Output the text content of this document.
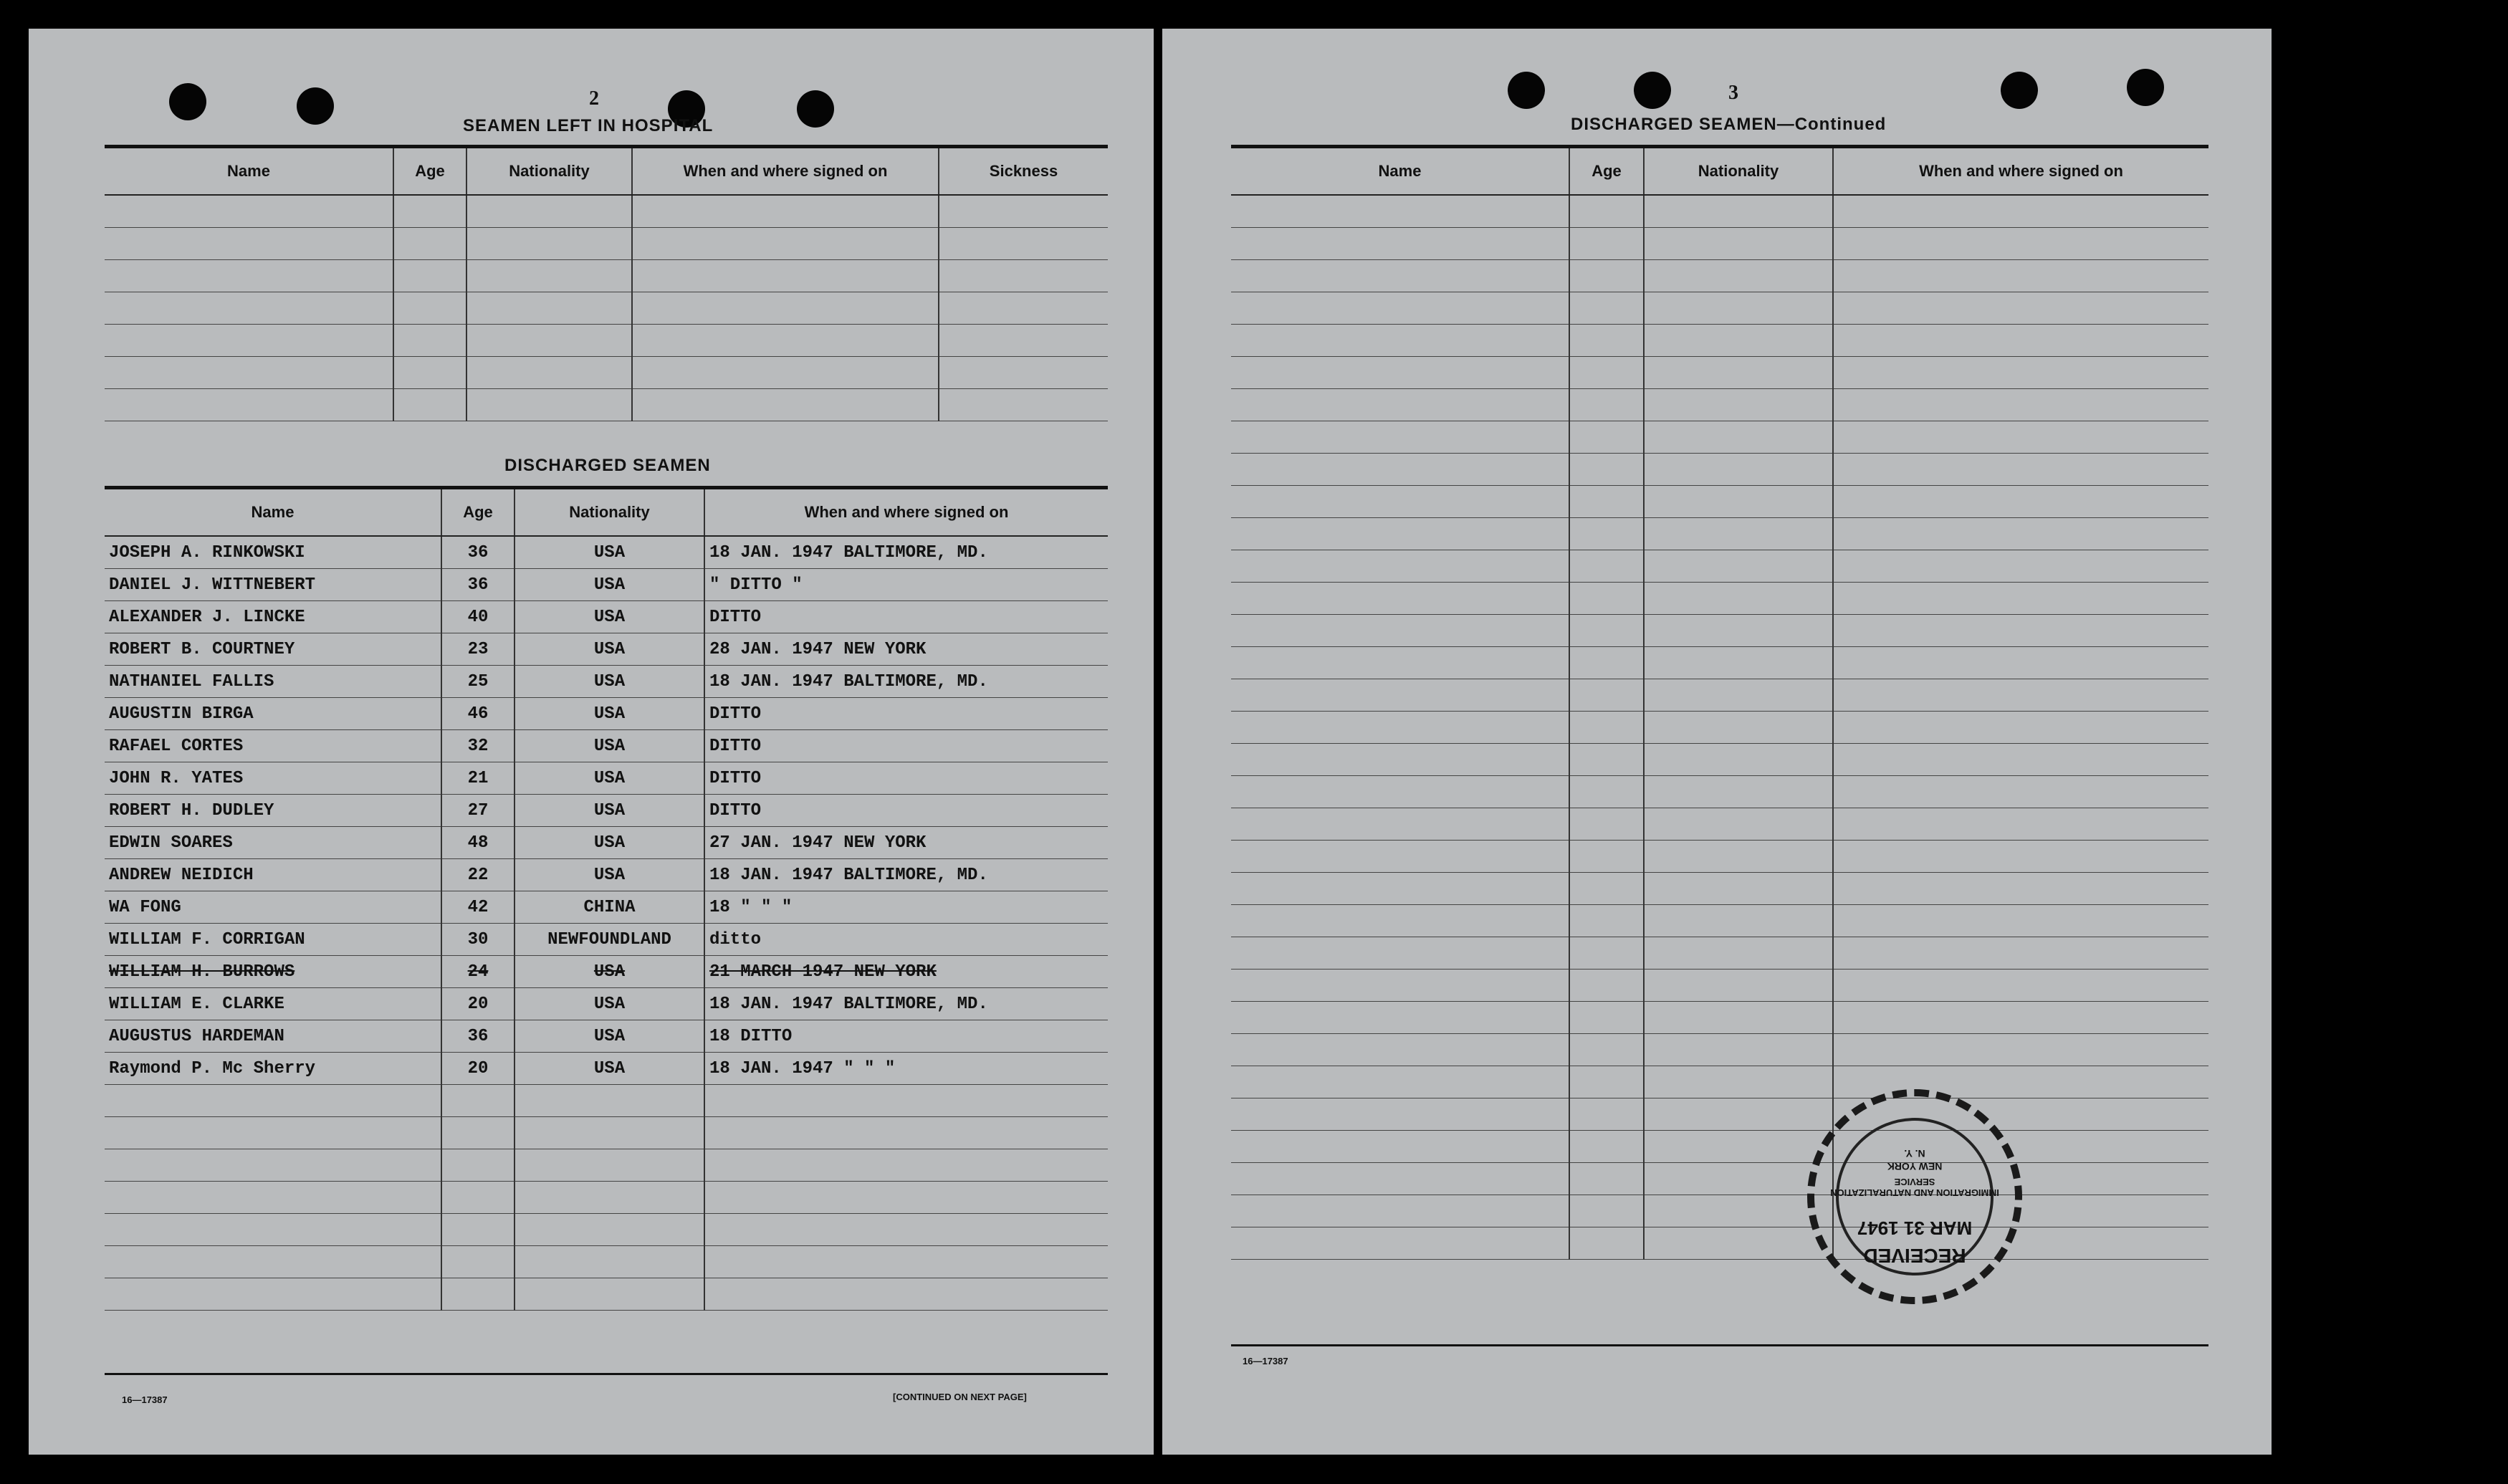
2
SEAMEN LEFT IN HOSPITAL
Name	Age	Nationality	When and where signed on	Sickness

DISCHARGED SEAMEN
Name	Age	Nationality	When and where signed on
JOSEPH A. RINKOWSKI	36	USA	18 JAN. 1947 BALTIMORE, MD.
DANIEL J. WITTNEBERT	36	USA	" DITTO "
ALEXANDER J. LINCKE	40	USA	DITTO
ROBERT B. COURTNEY	23	USA	28 JAN. 1947 NEW YORK
NATHANIEL FALLIS	25	USA	18 JAN. 1947 BALTIMORE, MD.
AUGUSTIN BIRGA	46	USA	DITTO
RAFAEL CORTES	32	USA	DITTO
JOHN R. YATES	21	USA	DITTO
ROBERT H. DUDLEY	27	USA	DITTO
EDWIN SOARES	48	USA	27 JAN. 1947 NEW YORK
ANDREW NEIDICH	22	USA	18 JAN. 1947 BALTIMORE, MD.
WA FONG	42	CHINA	18 " " "
WILLIAM F. CORRIGAN	30	NEWFOUNDLAND	ditto
WILLIAM H. BURROWS	24	USA	21 MARCH 1947 NEW YORK
WILLIAM E. CLARKE	20	USA	18 JAN. 1947 BALTIMORE, MD.
AUGUSTUS HARDEMAN	36	USA	18 DITTO
Raymond P. Mc Sherry	20	USA	18 JAN. 1947 " " "

16—17387	[CONTINUED ON NEXT PAGE]
3
DISCHARGED SEAMEN—Continued
Name	Age	Nationality	When and where signed on

RECEIVED
MAR 31 1947
IMMIGRATION AND NATURALIZATION SERVICE
NEW YORK
N. Y.
16—17387
